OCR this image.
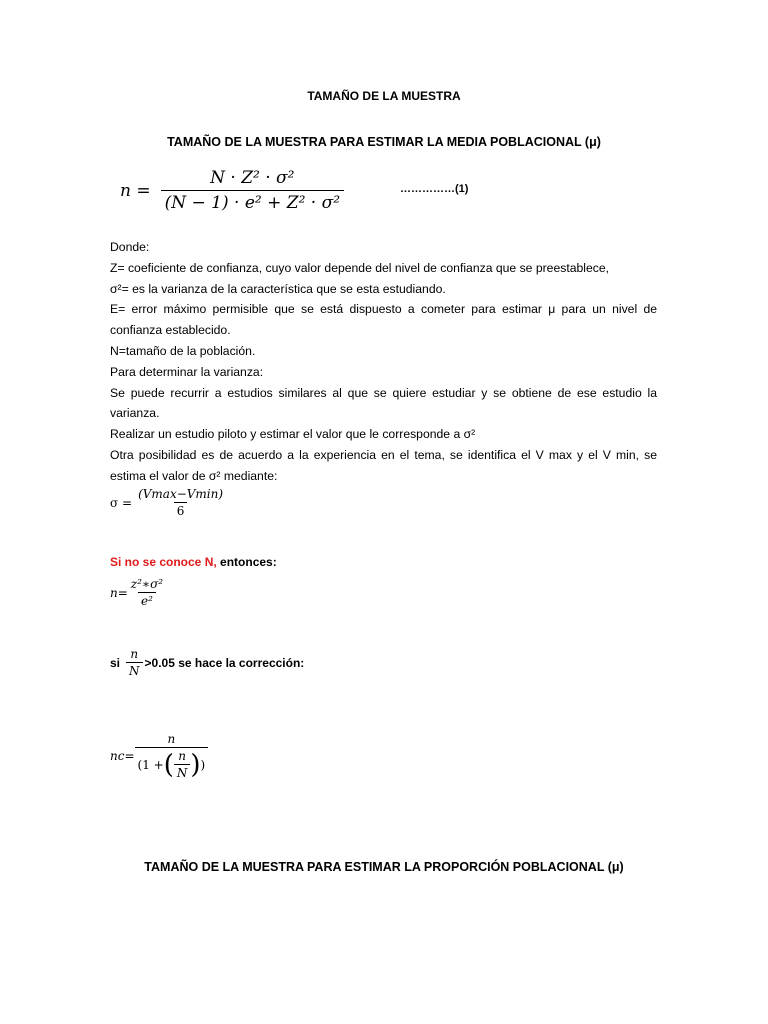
TAMAÑO DE LA MUESTRA
TAMAÑO DE LA MUESTRA PARA ESTIMAR LA MEDIA POBLACIONAL (μ)
$n = \frac{\text{N · Z² · σ²}}{\text{(N − 1) · e² + Z² · σ²}}$	……………(1)

Donde:

Z= coeficiente de confianza, cuyo valor depende del nivel de confianza que se preestablece,

σ²= es la varianza de la característica que se esta estudiando.

E= error máximo permisible que se está dispuesto a cometer para estimar μ para un nivel de confianza establecido.

N=tamaño de la población.

Para determinar la varianza:

Se puede recurrir a estudios similares al que se quiere estudiar y se obtiene de ese estudio la varianza.

Realizar un estudio piloto y estimar el valor que le corresponde a σ²

Otra posibilidad es de acuerdo a la experiencia en el tema, se identifica el V max y el V min, se estima el valor de σ² mediante:

$\sigma = \frac{(Vmax-Vmin)}{6}$
Si no se conoce N, entonces:
$n= \frac{\text{z²∗σ²}}{\text{e²}}$
si $\frac{n}{N} >0.05$ se hace la corrección:
nc=
n
(1 + ( $\frac{n}{N}$ ) )
TAMAÑO DE LA MUESTRA PARA ESTIMAR LA PROPORCIÓN POBLACIONAL (μ)
